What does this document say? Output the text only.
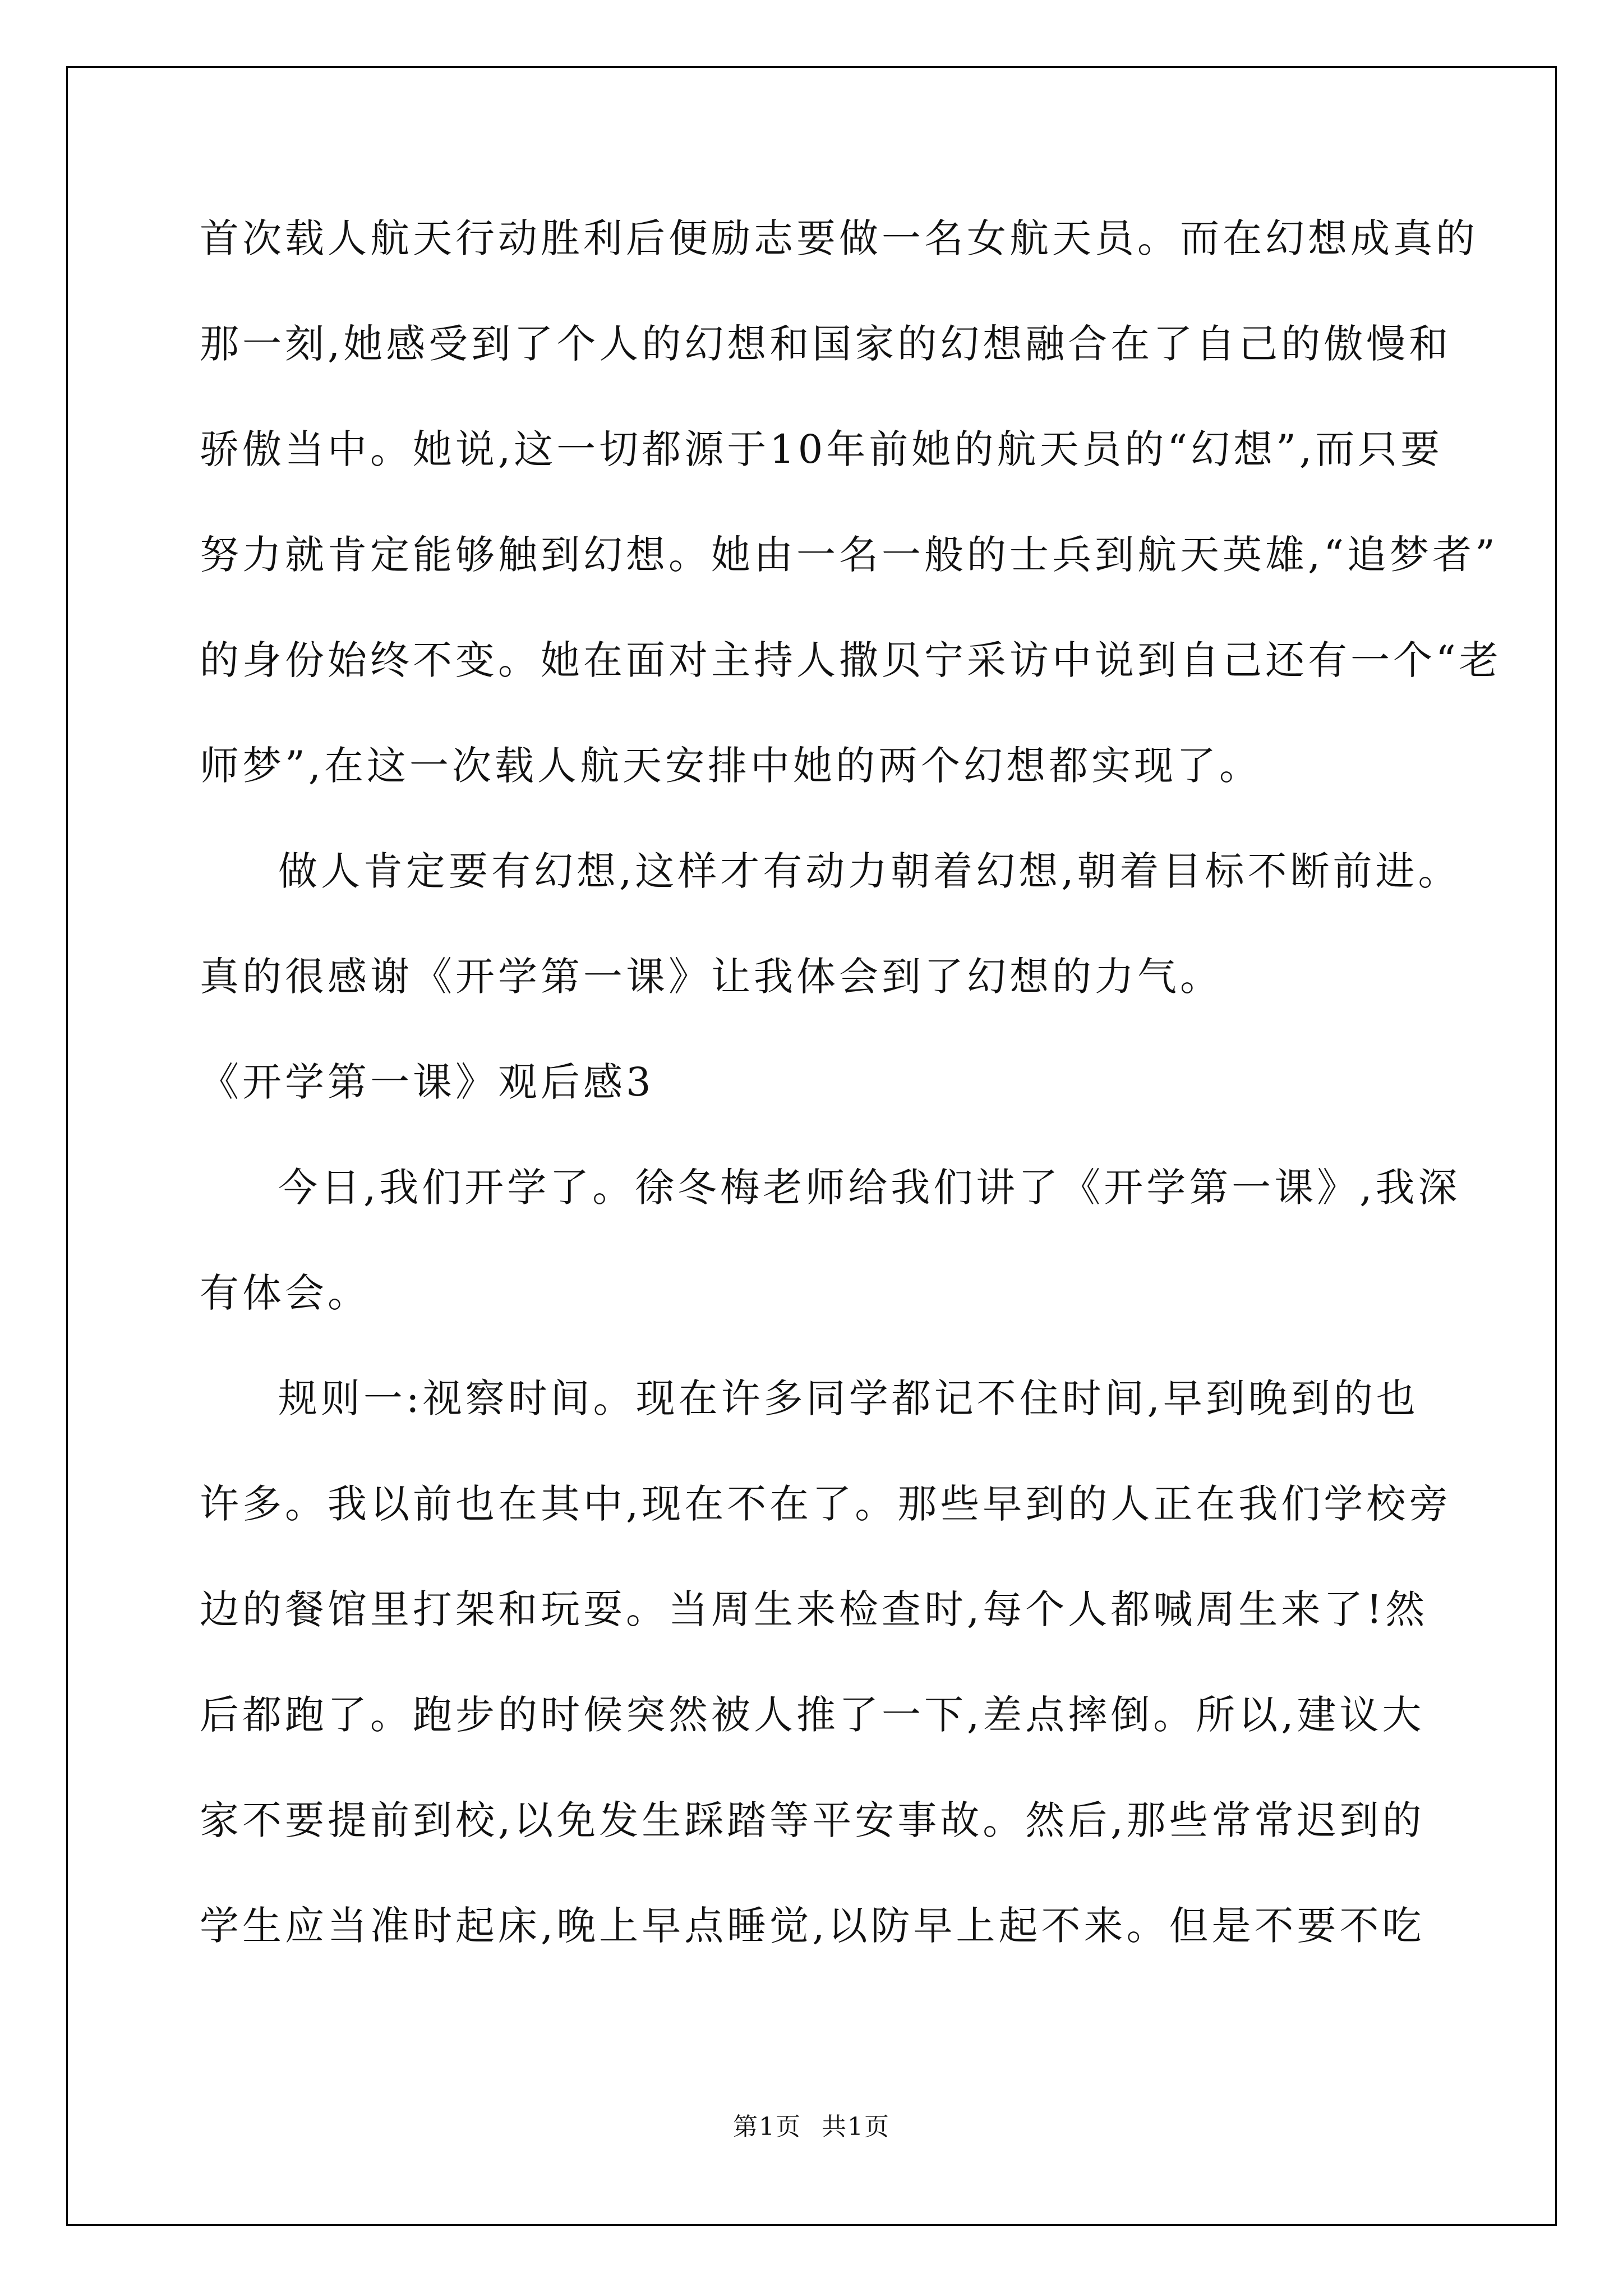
首次载人航天行动胜利后便励志要做一名女航天员。而在幻想成真的
那一刻,她感受到了个人的幻想和国家的幻想融合在了自己的傲慢和
骄傲当中。她说,这一切都源于10年前她的航天员的“幻想”,而只要
努力就肯定能够触到幻想。她由一名一般的士兵到航天英雄,“追梦者”
的身份始终不变。她在面对主持人撒贝宁采访中说到自己还有一个“老
师梦”,在这一次载人航天安排中她的两个幻想都实现了。
做人肯定要有幻想,这样才有动力朝着幻想,朝着目标不断前进。
真的很感谢《开学第一课》让我体会到了幻想的力气。
《开学第一课》观后感3
今日,我们开学了。徐冬梅老师给我们讲了《开学第一课》,我深
有体会。
规则一:视察时间。现在许多同学都记不住时间,早到晚到的也
许多。我以前也在其中,现在不在了。那些早到的人正在我们学校旁
边的餐馆里打架和玩耍。当周生来检查时,每个人都喊周生来了!然
后都跑了。跑步的时候突然被人推了一下,差点摔倒。所以,建议大
家不要提前到校,以免发生踩踏等平安事故。然后,那些常常迟到的
学生应当准时起床,晚上早点睡觉,以防早上起不来。但是不要不吃
第1页 共1页
